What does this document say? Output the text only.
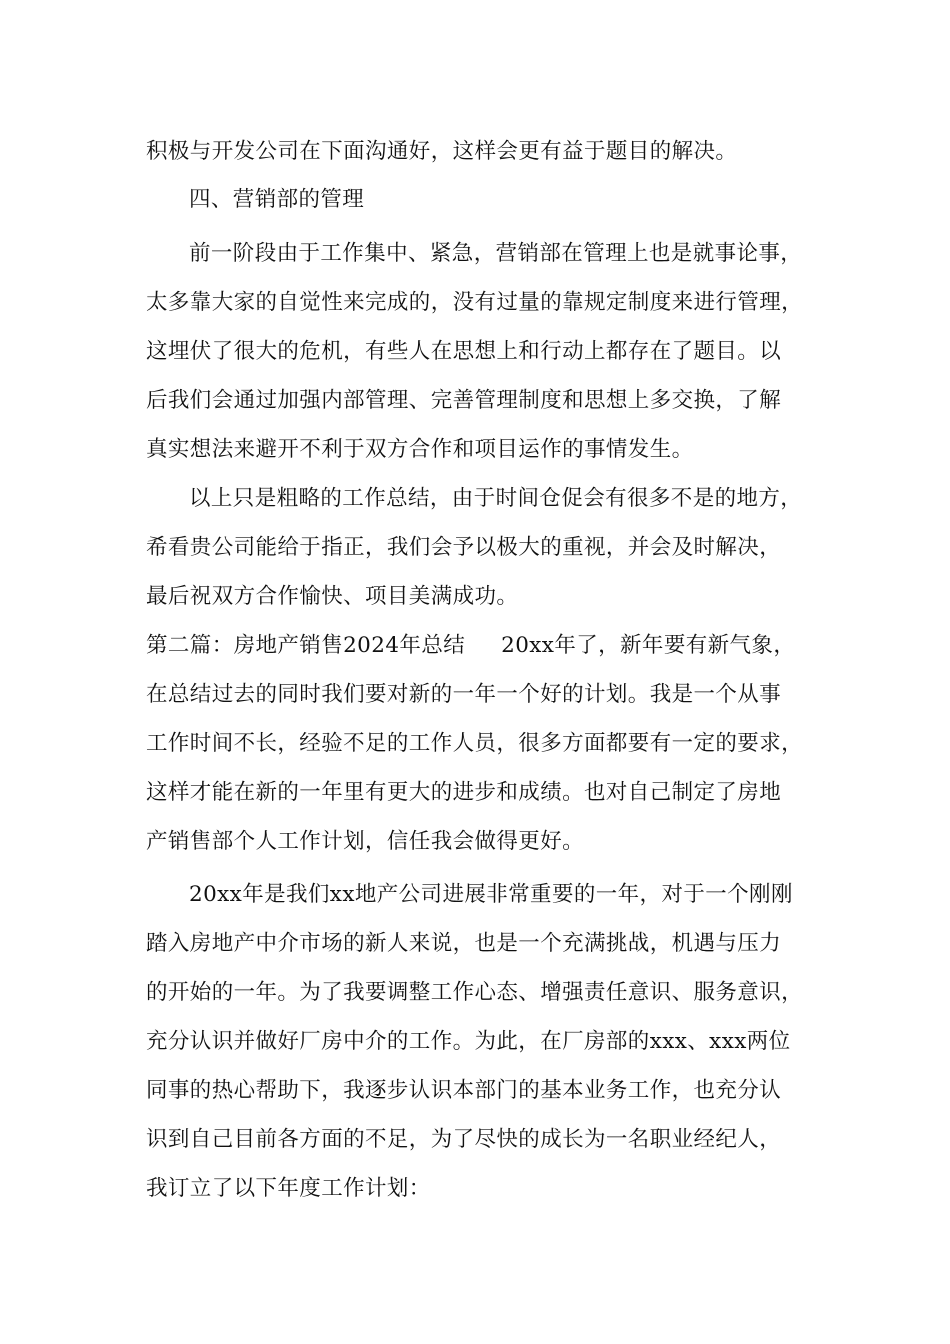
积极与开发公司在下面沟通好，这样会更有益于题目的解决。
四、营销部的管理
前一阶段由于工作集中、紧急，营销部在管理上也是就事论事，
太多靠大家的自觉性来完成的，没有过量的靠规定制度来进行管理，
这埋伏了很大的危机，有些人在思想上和行动上都存在了题目。以
后我们会通过加强内部管理、完善管理制度和思想上多交换，了解
真实想法来避开不利于双方合作和项目运作的事情发生。
以上只是粗略的工作总结，由于时间仓促会有很多不是的地方，
希看贵公司能给于指正，我们会予以极大的重视，并会及时解决，
最后祝双方合作愉快、项目美满成功。
第二篇：房地产销售2024年总结 20xx年了，新年要有新气象，
在总结过去的同时我们要对新的一年一个好的计划。我是一个从事
工作时间不长，经验不足的工作人员，很多方面都要有一定的要求，
这样才能在新的一年里有更大的进步和成绩。也对自己制定了房地
产销售部个人工作计划，信任我会做得更好。
20xx年是我们xx地产公司进展非常重要的一年，对于一个刚刚
踏入房地产中介市场的新人来说，也是一个充满挑战，机遇与压力
的开始的一年。为了我要调整工作心态、增强责任意识、服务意识，
充分认识并做好厂房中介的工作。为此，在厂房部的xxx、xxx两位
同事的热心帮助下，我逐步认识本部门的基本业务工作，也充分认
识到自己目前各方面的不足，为了尽快的成长为一名职业经纪人，
我订立了以下年度工作计划：
